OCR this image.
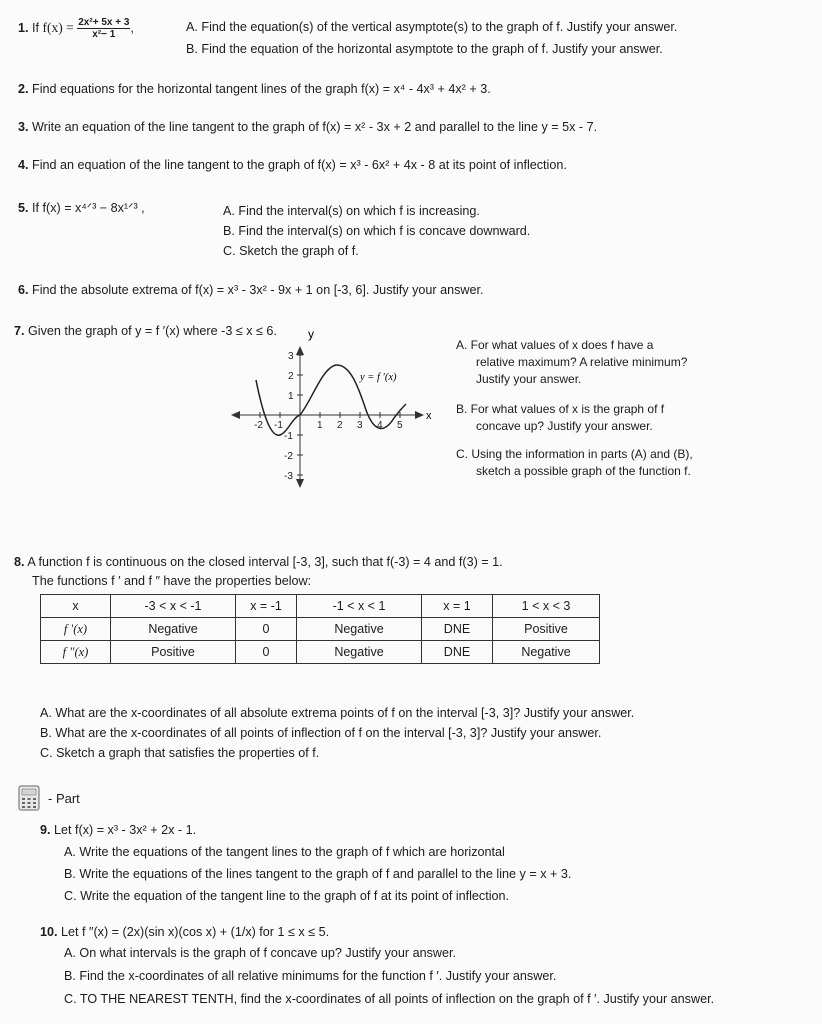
1. If $f(x) = \frac{\text{2x²+ 5x + 3}}{\text{x²− 1}}$ ,	A. Find the equation(s) of the vertical asymptote(s) to the graph of f. Justify your answer.
B. Find the equation of the horizontal asymptote to the graph of f. Justify your answer.
2. Find equations for the horizontal tangent lines of the graph f(x) = x⁴ - 4x³ + 4x² + 3.
3. Write an equation of the line tangent to the graph of f(x) = x² - 3x + 2 and parallel to the line y = 5x - 7.
4. Find an equation of the line tangent to the graph of f(x) = x³ - 6x² + 4x - 8 at its point of inflection.
5. If f(x) = x⁴ᐟ³ − 8x¹ᐟ³ ,	A. Find the interval(s) on which f is increasing.
B. Find the interval(s) on which f is concave downward.
C. Sketch the graph of f.
6. Find the absolute extrema of f(x) = x³ - 3x² - 9x + 1 on [-3, 6]. Justify your answer.
7. Given the graph of y = f ′(x) where -3 ≤ x ≤ 6.	y
x
-2 -1	1 2 3 4 5
3
2
1
-1
-2
-3
y = f ′(x)
A. For what values of x does f have a
relative maximum? A relative minimum?
Justify your answer.
B. For what values of x is the graph of f
concave up? Justify your answer.
C. Using the information in parts (A) and (B),
sketch a possible graph of the function f.
8. A function f is continuous on the closed interval [-3, 3], such that f(-3) = 4 and f(3) = 1.
The functions f ′ and f ″ have the properties below:
x	-3 < x < -1	x = -1	-1 < x < 1	x = 1	1 < x < 3
f ′(x)	Negative	0	Negative	DNE	Positive
f ″(x)	Positive	0	Negative	DNE	Negative
A. What are the x-coordinates of all absolute extrema points of f on the interval [-3, 3]? Justify your answer.
B. What are the x-coordinates of all points of inflection of f on the interval [-3, 3]? Justify your answer.
C. Sketch a graph that satisfies the properties of f.
- Part
9. Let f(x) = x³ - 3x² + 2x - 1.
A. Write the equations of the tangent lines to the graph of f which are horizontal
B. Write the equations of the lines tangent to the graph of f and parallel to the line y = x + 3.
C. Write the equation of the tangent line to the graph of f at its point of inflection.
10. Let f ″(x) = (2x)(sin x)(cos x) + (1/x) for 1 ≤ x ≤ 5.
A. On what intervals is the graph of f concave up? Justify your answer.
B. Find the x-coordinates of all relative minimums for the function f ′. Justify your answer.
C. TO THE NEAREST TENTH, find the x-coordinates of all points of inflection on the graph of f ′. Justify your answer.
